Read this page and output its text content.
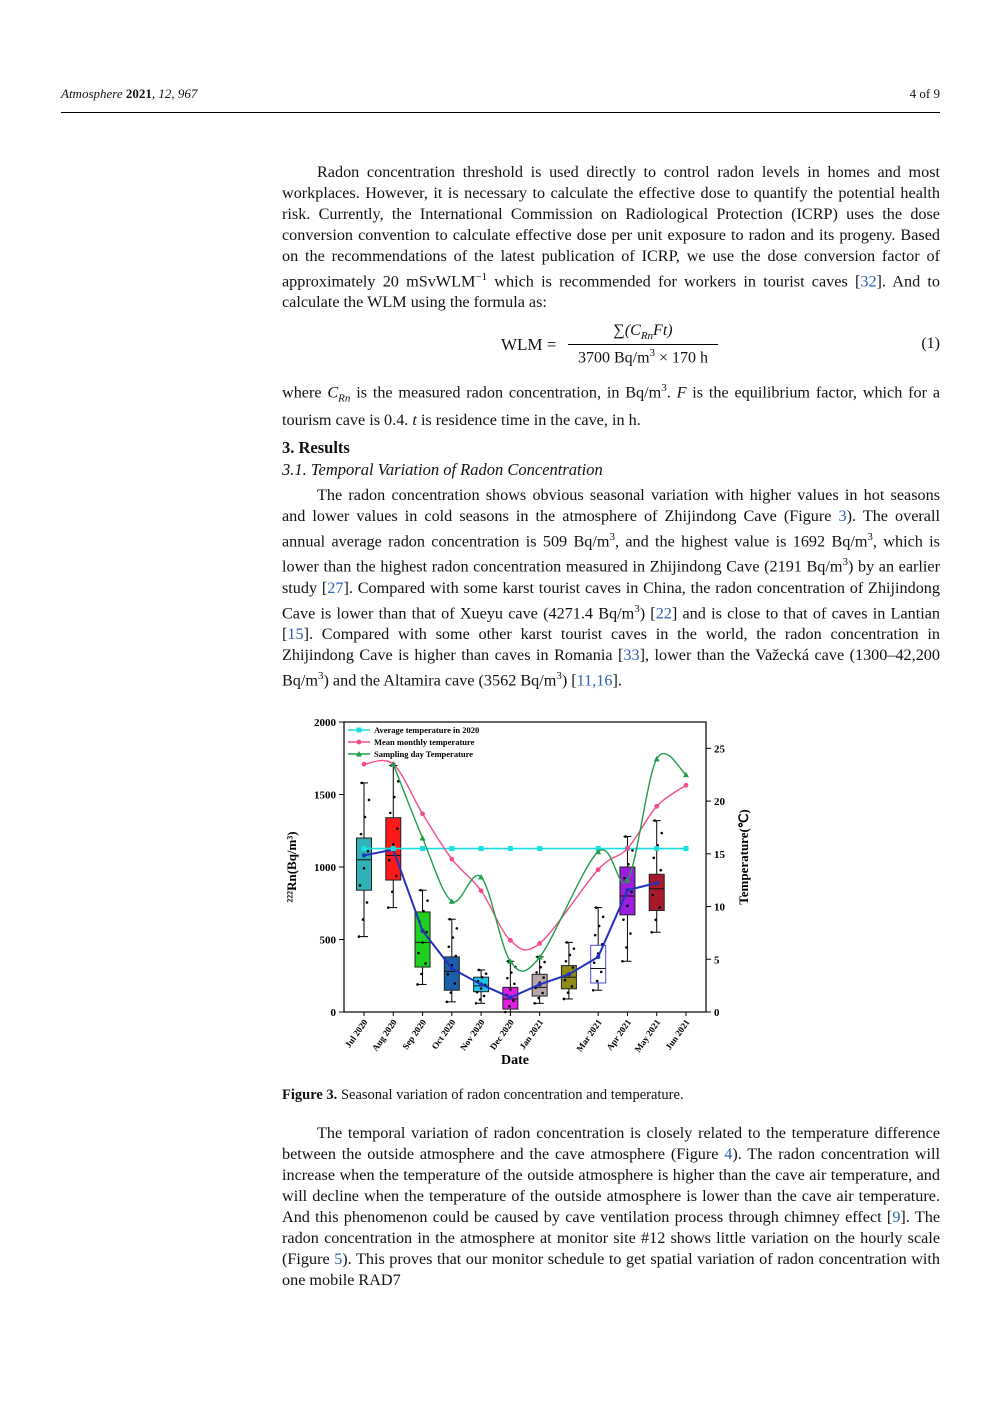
Atmosphere 2021, 12, 967	4 of 9

Radon concentration threshold is used directly to control radon levels in homes and most workplaces. However, it is necessary to calculate the effective dose to quantify the potential health risk. Currently, the International Commission on Radiological Protection (ICRP) uses the dose conversion convention to calculate effective dose per unit exposure to radon and its progeny. Based on the recommendations of the latest publication of ICRP, we use the dose conversion factor of approximately 20 mSvWLM$^{-1}$ which is recommended for workers in tourist caves [32]. And to calculate the WLM using the formula as:

WLM =
$\sum(C_{Rn}Ft)$
3700 $Bq/m^3 \times 170$ h
(1)

where $C_{Rn}$ is the measured radon concentration, in $Bq/m^3$. F is the equilibrium factor, which for a tourism cave is 0.4. t is residence time in the cave, in h.

3. Results
3.1. Temporal Variation of Radon Concentration

The radon concentration shows obvious seasonal variation with higher values in hot seasons and lower values in cold seasons in the atmosphere of Zhijindong Cave (Figure 3). The overall annual average radon concentration is 509 $Bq/m^3$, and the highest value is 1692 $Bq/m^3$, which is lower than the highest radon concentration measured in Zhijindong Cave (2191 $Bq/m^3$) by an earlier study [27]. Compared with some karst tourist caves in China, the radon concentration of Zhijindong Cave is lower than that of Xueyu cave (4271.4 $Bq/m^3$) [22] and is close to that of caves in Lantian [15]. Compared with some other karst tourist caves in the world, the radon concentration in Zhijindong Cave is higher than caves in Romania [33], lower than the Važecká cave (1300–42,200 $Bq/m^3$) and the Altamira cave (3562 $Bq/m^3$) [11,16].

0
500
1000
1500
2000
0
5
10
15
20
25
²²²Rn(Bq/m³)	Temperature(℃)
Date
Jul 2020 Aug 2020 Sep 2020 Oct 2020 Nov 2020 Dec 2020 Jan 2021	Mar 2021 Apr 2021 May 2021 Jun 2021
Average temperature in 2020
Mean monthly temperature
Sampling day Temperature
Figure 3. Seasonal variation of radon concentration and temperature.

The temporal variation of radon concentration is closely related to the temperature difference between the outside atmosphere and the cave atmosphere (Figure 4). The radon concentration will increase when the temperature of the outside atmosphere is higher than the cave air temperature, and will decline when the temperature of the outside atmosphere is lower than the cave air temperature. And this phenomenon could be caused by cave ventilation process through chimney effect [9]. The radon concentration in the atmosphere at monitor site #12 shows little variation on the hourly scale (Figure 5). This proves that our monitor schedule to get spatial variation of radon concentration with one mobile RAD7
